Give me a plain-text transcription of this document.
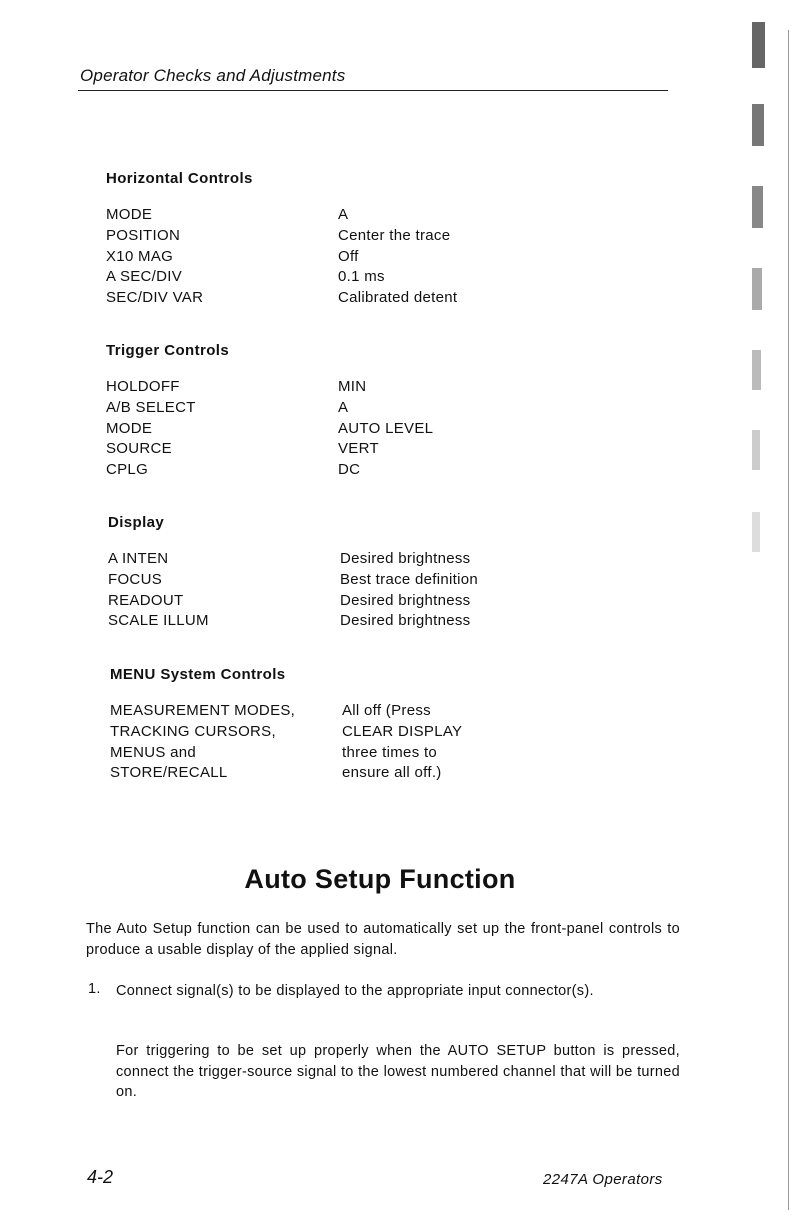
Operator Checks and Adjustments
Horizontal Controls
MODE	A
POSITION	Center the trace
X10 MAG	Off
A SEC/DIV	0.1 ms
SEC/DIV VAR	Calibrated detent
Trigger Controls
HOLDOFF	MIN
A/B SELECT	A
MODE	AUTO LEVEL
SOURCE	VERT
CPLG	DC
Display
A INTEN	Desired brightness
FOCUS	Best trace definition
READOUT	Desired brightness
SCALE ILLUM	Desired brightness
MENU System Controls
MEASUREMENT MODES,	All off (Press
TRACKING CURSORS,	CLEAR DISPLAY
MENUS and	three times to
STORE/RECALL	ensure all off.)
Auto Setup Function
The Auto Setup function can be used to automatically set up the front-panel controls to produce a usable display of the applied signal.
1. Connect signal(s) to be displayed to the appropriate input connector(s).
For triggering to be set up properly when the AUTO SETUP button is pressed, connect the trigger-source signal to the lowest numbered channel that will be turned on.
4-2	2247A Operators
